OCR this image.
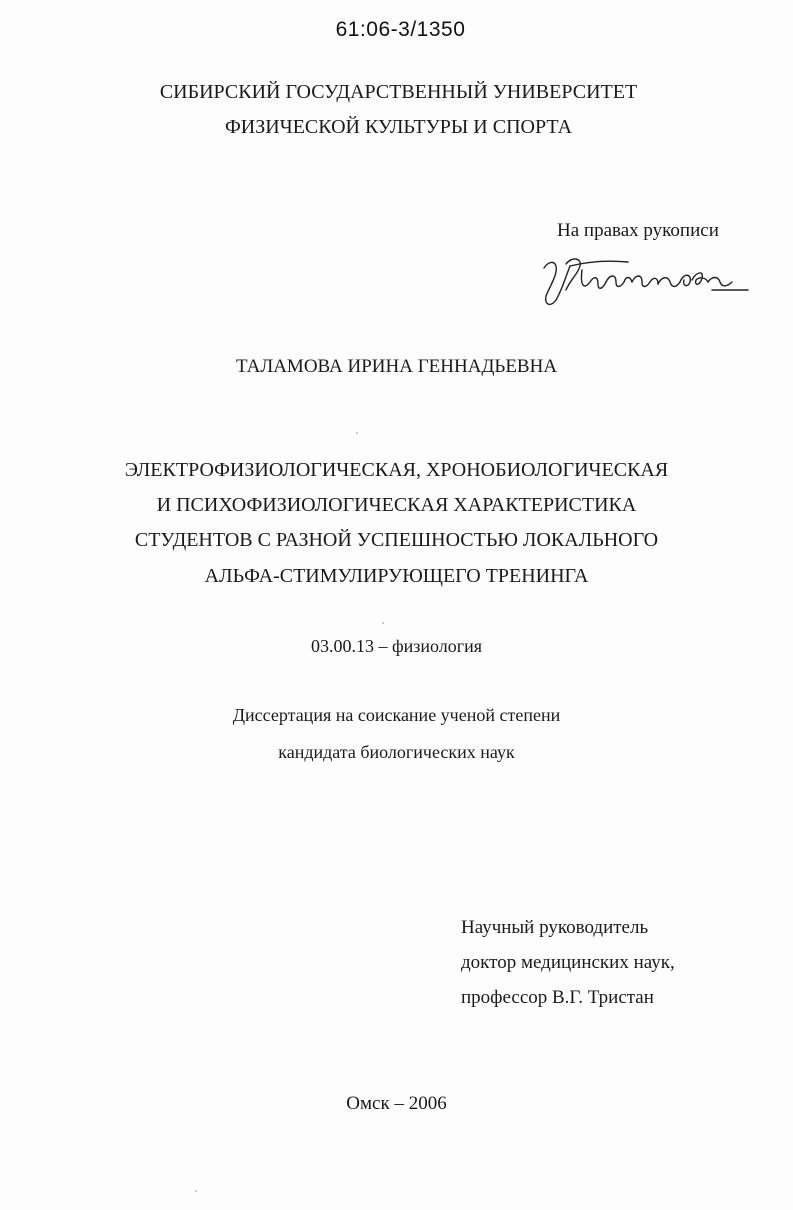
61:06-3/1350
СИБИРСКИЙ ГОСУДАРСТВЕННЫЙ УНИВЕРСИТЕТ
ФИЗИЧЕСКОЙ КУЛЬТУРЫ И СПОРТА
На правах рукописи
ТАЛАМОВА ИРИНА ГЕННАДЬЕВНА
ЭЛЕКТРОФИЗИОЛОГИЧЕСКАЯ, ХРОНОБИОЛОГИЧЕСКАЯ
И ПСИХОФИЗИОЛОГИЧЕСКАЯ ХАРАКТЕРИСТИКА
СТУДЕНТОВ С РАЗНОЙ УСПЕШНОСТЬЮ ЛОКАЛЬНОГО
АЛЬФА-СТИМУЛИРУЮЩЕГО ТРЕНИНГА
03.00.13 – физиология
Диссертация на соискание ученой степени
кандидата биологических наук
Научный руководитель
доктор медицинских наук,
профессор В.Г. Тристан
Омск – 2006
